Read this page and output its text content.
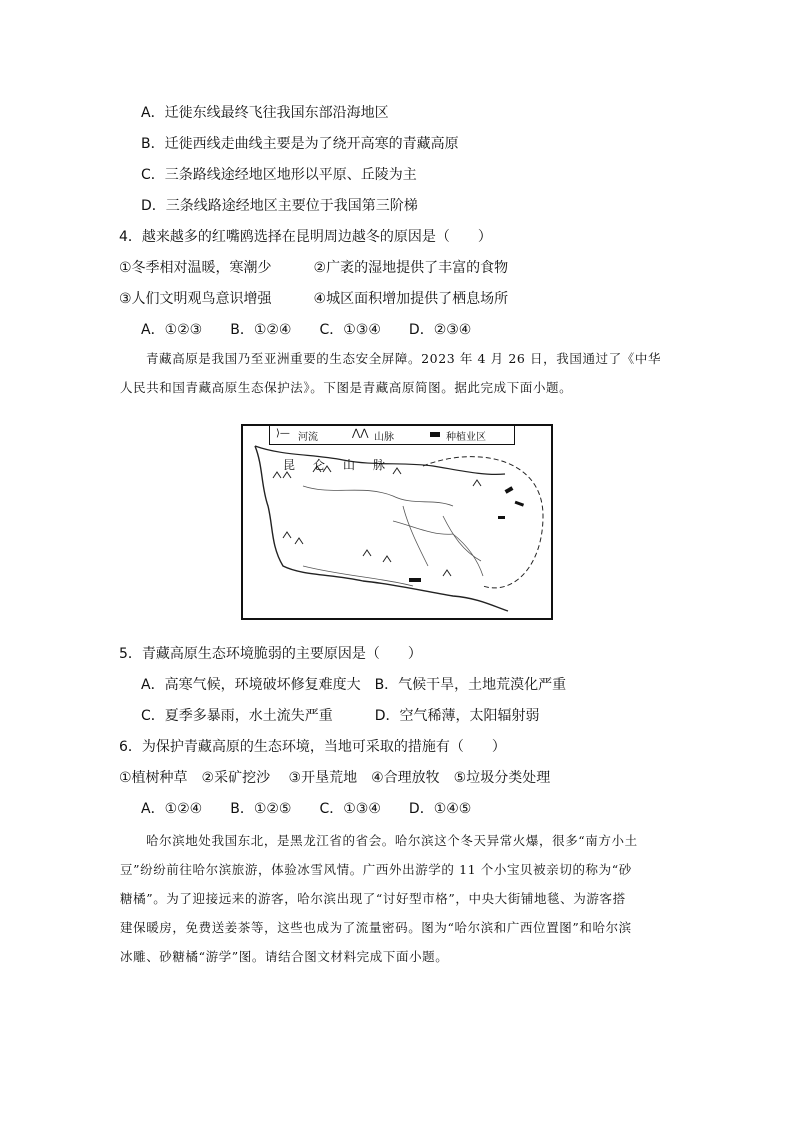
A．迁徙东线最终飞往我国东部沿海地区
B．迁徙西线走曲线主要是为了绕开高寒的青藏高原
C．三条路线途经地区地形以平原、丘陵为主
D．三条线路途经地区主要位于我国第三阶梯
4．越来越多的红嘴鸥选择在昆明周边越冬的原因是（　　）
①冬季相对温暖，寒潮少　　　②广袤的湿地提供了丰富的食物
③人们文明观鸟意识增强　　　④城区面积增加提供了栖息场所
A．①②③　　B．①②④　　C．①③④　　D．②③④

青藏高原是我国乃至亚洲重要的生态安全屏障。2023 年 4 月 26 日，我国通过了《中华

人民共和国青藏高原生态保护法》。下图是青藏高原简图。据此完成下面小题。

⟩— 河流	⋀⋀ 山脉	种植业区
昆　仑　山　脉
5．青藏高原生态环境脆弱的主要原因是（　　）
A．高寒气候，环境破坏修复难度大　B．气候干旱，土地荒漠化严重
C．夏季多暴雨，水土流失严重　　　D．空气稀薄，太阳辐射弱
6．为保护青藏高原的生态环境，当地可采取的措施有（　　）
①植树种草　②采矿挖沙　 ③开垦荒地　④合理放牧　⑤垃圾分类处理
A．①②④　　B．①②⑤　　C．①③④　　D．①④⑤

哈尔滨地处我国东北，是黑龙江省的省会。哈尔滨这个冬天异常火爆，很多“南方小土

豆”纷纷前往哈尔滨旅游，体验冰雪风情。广西外出游学的 11 个小宝贝被亲切的称为“砂

糖橘”。为了迎接远来的游客，哈尔滨出现了“讨好型市格”，中央大街铺地毯、为游客搭

建保暖房，免费送姜茶等，这些也成为了流量密码。图为“哈尔滨和广西位置图”和哈尔滨

冰雕、砂糖橘“游学”图。请结合图文材料完成下面小题。
